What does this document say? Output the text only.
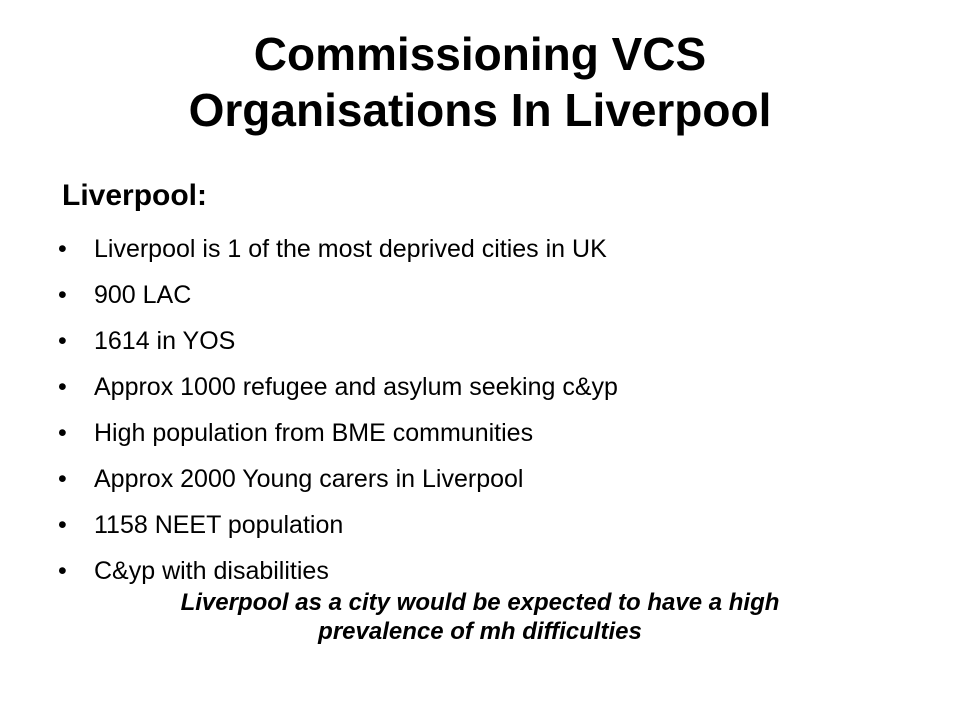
Commissioning VCS
Organisations In Liverpool
Liverpool:
•	Liverpool is 1 of the most deprived cities in UK
•	900 LAC
•	1614 in YOS
•	Approx 1000 refugee and asylum seeking c&yp
•	High population from BME communities
•	Approx 2000 Young carers in Liverpool
•	1158 NEET population
•	C&yp with disabilities

Liverpool as a city would be expected to have a high
prevalence of mh difficulties
